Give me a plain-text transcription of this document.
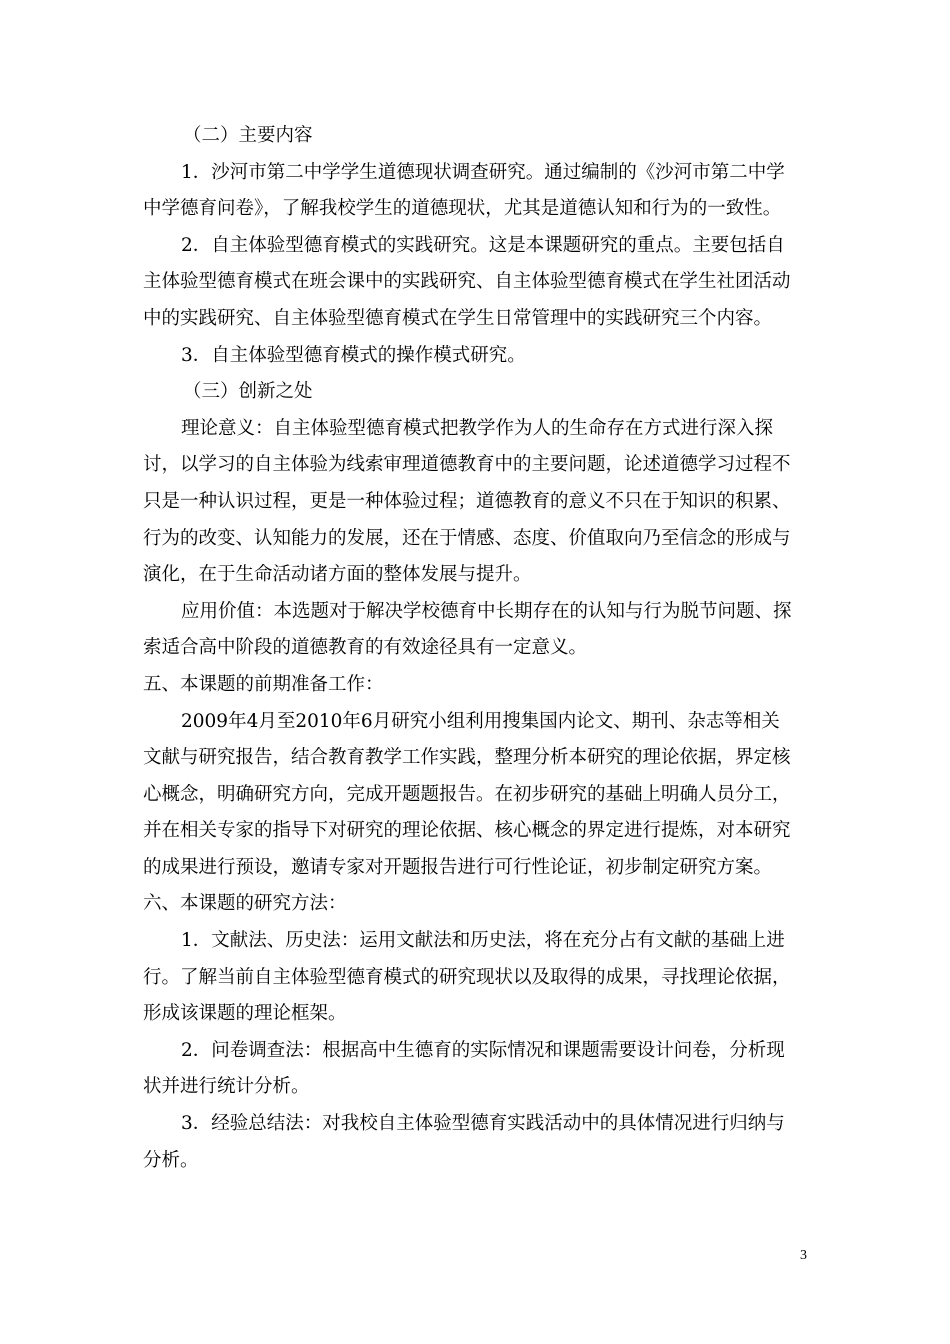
（二）主要内容
1．沙河市第二中学学生道德现状调查研究。通过编制的《沙河市第二中学
中学德育问卷》，了解我校学生的道德现状，尤其是道德认知和行为的一致性。
2．自主体验型德育模式的实践研究。这是本课题研究的重点。主要包括自
主体验型德育模式在班会课中的实践研究、自主体验型德育模式在学生社团活动
中的实践研究、自主体验型德育模式在学生日常管理中的实践研究三个内容。
3．自主体验型德育模式的操作模式研究。
（三）创新之处
理论意义：自主体验型德育模式把教学作为人的生命存在方式进行深入探
讨，以学习的自主体验为线索审理道德教育中的主要问题，论述道德学习过程不
只是一种认识过程，更是一种体验过程；道德教育的意义不只在于知识的积累、
行为的改变、认知能力的发展，还在于情感、态度、价值取向乃至信念的形成与
演化，在于生命活动诸方面的整体发展与提升。
应用价值：本选题对于解决学校德育中长期存在的认知与行为脱节问题、探
索适合高中阶段的道德教育的有效途径具有一定意义。
五、本课题的前期准备工作：
2009年4月至2010年6月研究小组利用搜集国内论文、期刊、杂志等相关
文献与研究报告，结合教育教学工作实践，整理分析本研究的理论依据，界定核
心概念，明确研究方向，完成开题题报告。在初步研究的基础上明确人员分工，
并在相关专家的指导下对研究的理论依据、核心概念的界定进行提炼，对本研究
的成果进行预设，邀请专家对开题报告进行可行性论证，初步制定研究方案。
六、本课题的研究方法：
1．文献法、历史法：运用文献法和历史法，将在充分占有文献的基础上进
行。了解当前自主体验型德育模式的研究现状以及取得的成果，寻找理论依据，
形成该课题的理论框架。
2．问卷调查法：根据高中生德育的实际情况和课题需要设计问卷，分析现
状并进行统计分析。
3．经验总结法：对我校自主体验型德育实践活动中的具体情况进行归纳与
分析。
3
